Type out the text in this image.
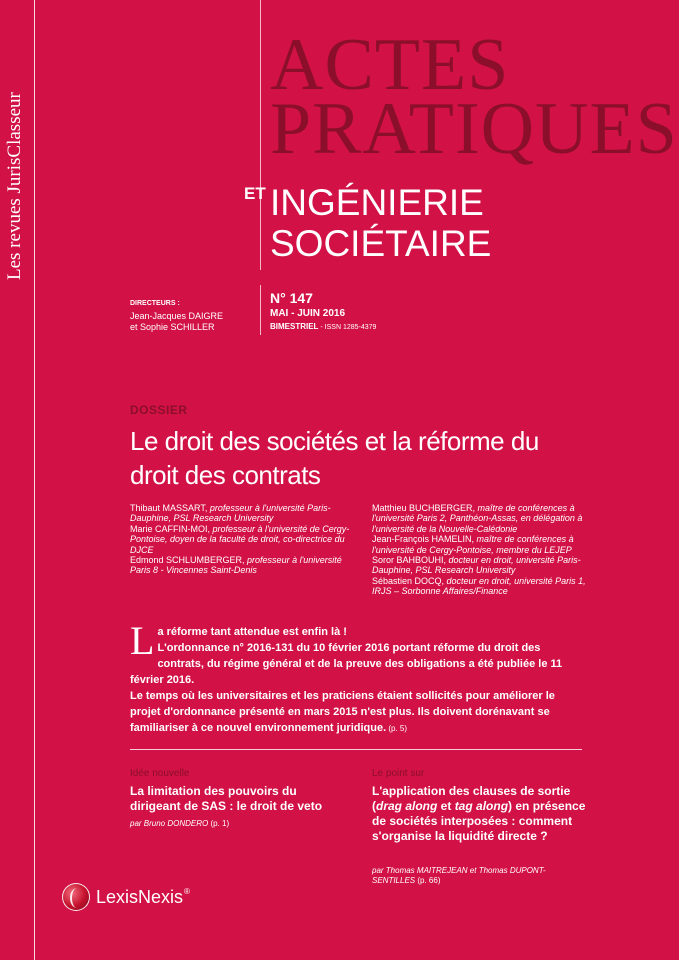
Les revues JurisClasseur
ACTES
PRATIQUES
ET INGÉNIERIE
SOCIÉTAIRE
DIRECTEURS :
Jean-Jacques DAIGRE
et Sophie SCHILLER
N° 147
MAI - JUIN 2016
BIMESTRIEL - ISSN 1285-4379
DOSSIER
Le droit des sociétés et la réforme du droit des contrats
Thibaut MASSART, professeur à l'université Paris-Dauphine, PSL Research University
Marie CAFFIN-MOI, professeur à l'université de Cergy-Pontoise, doyen de la faculté de droit, co-directrice du DJCE
Edmond SCHLUMBERGER, professeur à l'université Paris 8 - Vincennes Saint-Denis
Matthieu BUCHBERGER, maître de conférences à l'université Paris 2, Panthéon-Assas, en délégation à l'université de la Nouvelle-Calédonie
Jean-François HAMELIN, maître de conférences à l'université de Cergy-Pontoise, membre du LEJEP
Soror BAHBOUHI, docteur en droit, université Paris-Dauphine, PSL Research University
Sébastien DOCQ, docteur en droit, université Paris 1, IRJS – Sorbonne Affaires/Finance
L a réforme tant attendue est enfin là !

L'ordonnance n° 2016-131 du 10 février 2016 portant réforme du droit des contrats, du régime général et de la preuve des obligations a été publiée le 11 février 2016.

Le temps où les universitaires et les praticiens étaient sollicités pour améliorer le projet d'ordonnance présenté en mars 2015 n'est plus. Ils doivent dorénavant se familiariser à ce nouvel environnement juridique. (p. 5)

Idée nouvelle
La limitation des pouvoirs du dirigeant de SAS : le droit de veto
par Bruno DONDERO (p. 1)
Le point sur
L'application des clauses de sortie (drag along et tag along) en présence de sociétés interposées : comment s'organise la liquidité directe ?
par Thomas MAITREJEAN et Thomas DUPONT-SENTILLES (p. 66)
LexisNexis®
